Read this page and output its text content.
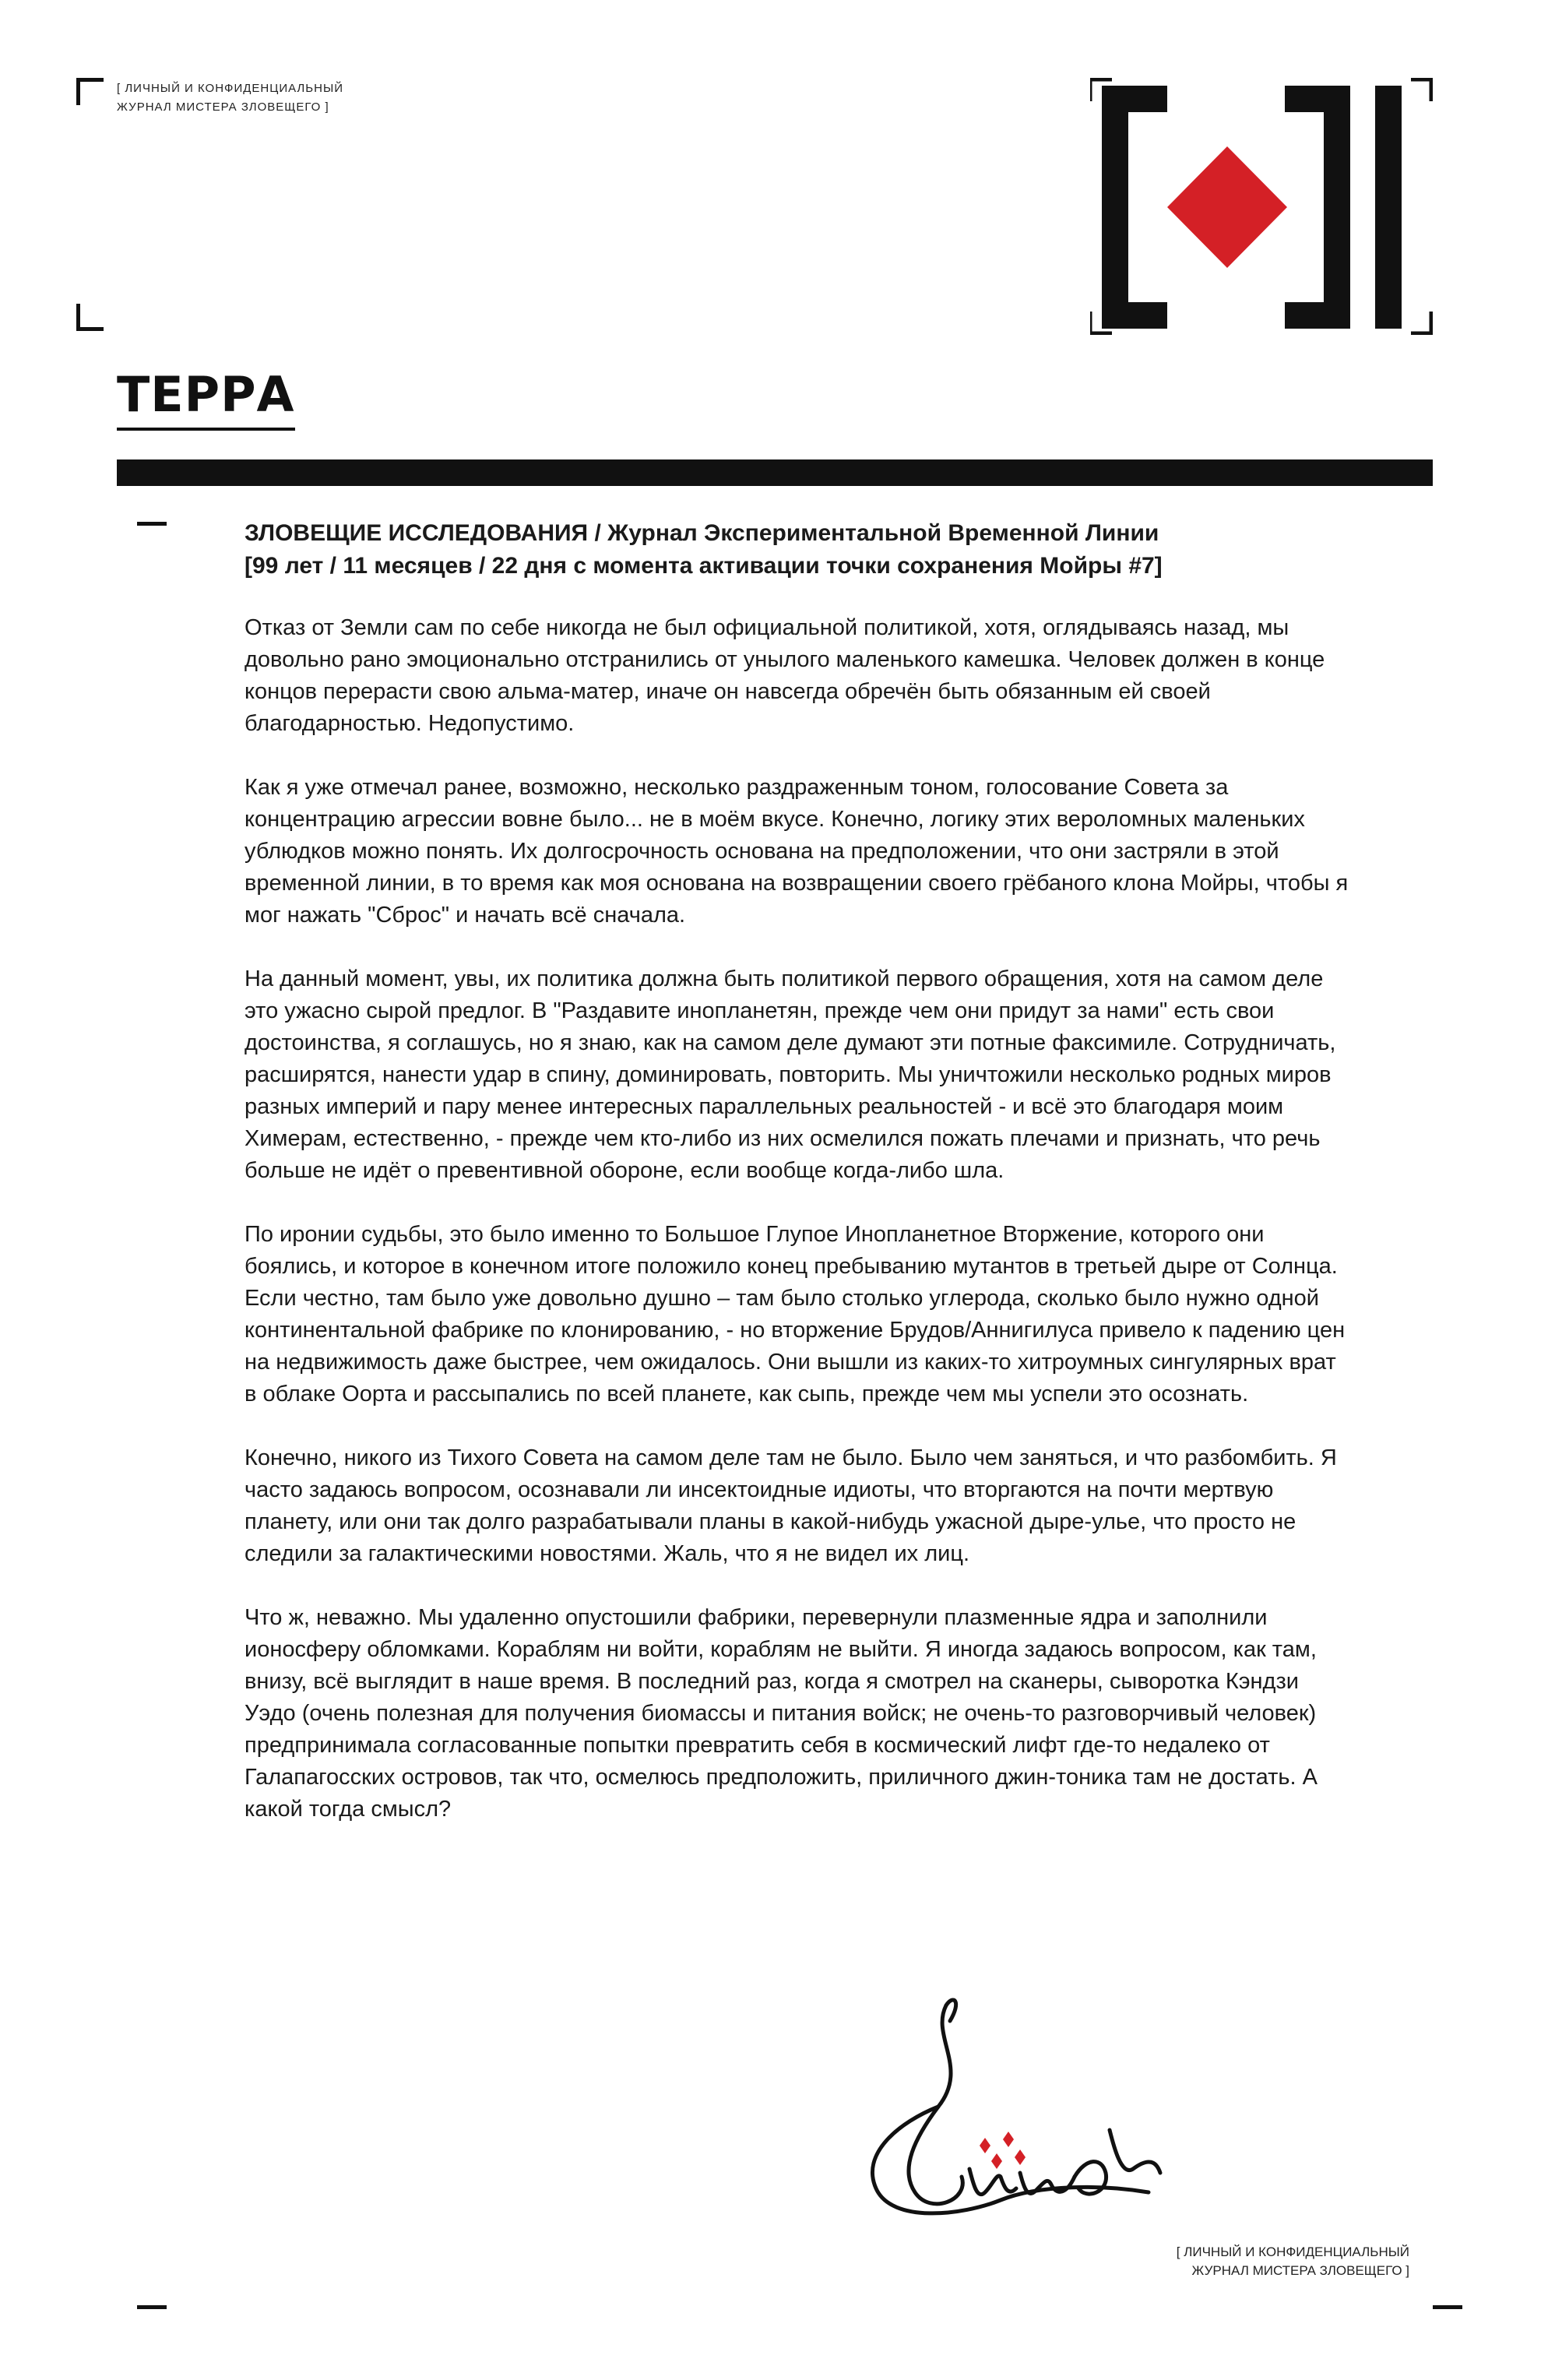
[ ЛИЧНЫЙ И КОНФИДЕНЦИАЛЬНЫЙ
ЖУРНАЛ МИСТЕРА ЗЛОВЕЩЕГО ]
ТЕРРА
ЗЛОВЕЩИЕ ИССЛЕДОВАНИЯ / Журнал Экспериментальной Временной Линии
[99 лет / 11 месяцев / 22 дня с момента активации точки сохранения Мойры #7]

Отказ от Земли сам по себе никогда не был официальной политикой, хотя, оглядываясь назад, мы довольно рано эмоционально отстранились от унылого маленького камешка. Человек должен в конце концов перерасти свою альма-матер, иначе он навсегда обречён быть обязанным ей своей благодарностью. Недопустимо.

Как я уже отмечал ранее, возможно, несколько раздраженным тоном, голосование Совета за концентрацию агрессии вовне было... не в моём вкусе. Конечно, логику этих вероломных маленьких ублюдков можно понять. Их долгосрочность основана на предположении, что они застряли в этой временной линии, в то время как моя основана на возвращении своего грёбаного клона Мойры, чтобы я мог нажать "Сброс" и начать всё сначала.

На данный момент, увы, их политика должна быть политикой первого обращения, хотя на самом деле это ужасно сырой предлог. В "Раздавите инопланетян, прежде чем они придут за нами" есть свои достоинства, я соглашусь, но я знаю, как на самом деле думают эти потные факсимиле. Сотрудничать, расширятся, нанести удар в спину, доминировать, повторить. Мы уничтожили несколько родных миров разных империй и пару менее интересных параллельных реальностей - и всё это благодаря моим Химерам, естественно, - прежде чем кто-либо из них осмелился пожать плечами и признать, что речь больше не идёт о превентивной обороне, если вообще когда-либо шла.

По иронии судьбы, это было именно то Большое Глупое Инопланетное Вторжение, которого они боялись, и которое в конечном итоге положило конец пребыванию мутантов в третьей дыре от Солнца. Если честно, там было уже довольно душно – там было столько углерода, сколько было нужно одной континентальной фабрике по клонированию, - но вторжение Брудов/Аннигилуса привело к падению цен на недвижимость даже быстрее, чем ожидалось. Они вышли из каких-то хитроумных сингулярных врат в облаке Оорта и рассыпались по всей планете, как сыпь, прежде чем мы успели это осознать.

Конечно, никого из Тихого Совета на самом деле там не было. Было чем заняться, и что разбомбить. Я часто задаюсь вопросом, осознавали ли инсектоидные идиоты, что вторгаются на почти мертвую планету, или они так долго разрабатывали планы в какой-нибудь ужасной дыре-улье, что просто не следили за галактическими новостями. Жаль, что я не видел их лиц.

Что ж, неважно. Мы удаленно опустошили фабрики, перевернули плазменные ядра и заполнили ионосферу обломками. Кораблям ни войти, кораблям не выйти. Я иногда задаюсь вопросом, как там, внизу, всё выглядит в наше время. В последний раз, когда я смотрел на сканеры, сыворотка Кэндзи Уэдо (очень полезная для получения биомассы и питания войск; не очень-то разговорчивый человек) предпринимала согласованные попытки превратить себя в космический лифт где-то недалеко от Галапагосских островов, так что, осмелюсь предположить, приличного джин-тоника там не достать. А какой тогда смысл?

[ ЛИЧНЫЙ И КОНФИДЕНЦИАЛЬНЫЙ
ЖУРНАЛ МИСТЕРА ЗЛОВЕЩЕГО ]
